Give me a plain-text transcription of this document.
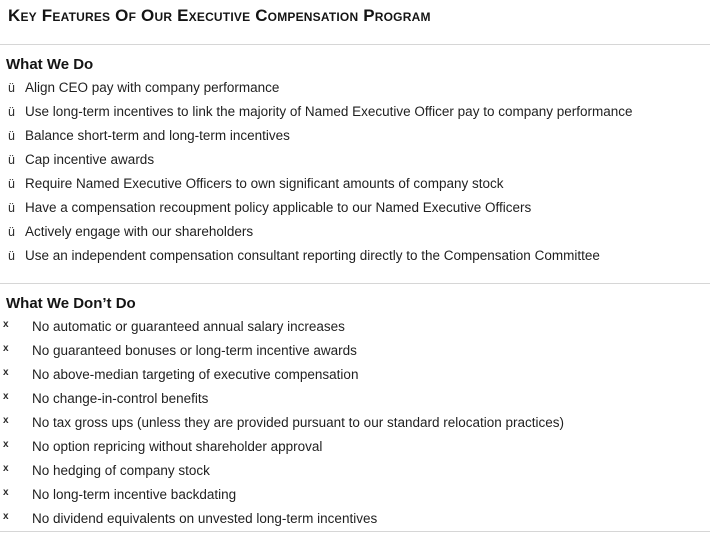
Key Features Of Our Executive Compensation Program
What We Do
ü Align CEO pay with company performance
ü Use long-term incentives to link the majority of Named Executive Officer pay to company performance
ü Balance short-term and long-term incentives
ü Cap incentive awards
ü Require Named Executive Officers to own significant amounts of company stock
ü Have a compensation recoupment policy applicable to our Named Executive Officers
ü Actively engage with our shareholders
ü Use an independent compensation consultant reporting directly to the Compensation Committee
What We Don’t Do
x No automatic or guaranteed annual salary increases
x No guaranteed bonuses or long-term incentive awards
x No above-median targeting of executive compensation
x No change-in-control benefits
x No tax gross ups (unless they are provided pursuant to our standard relocation practices)
x No option repricing without shareholder approval
x No hedging of company stock
x No long-term incentive backdating
x No dividend equivalents on unvested long-term incentives
